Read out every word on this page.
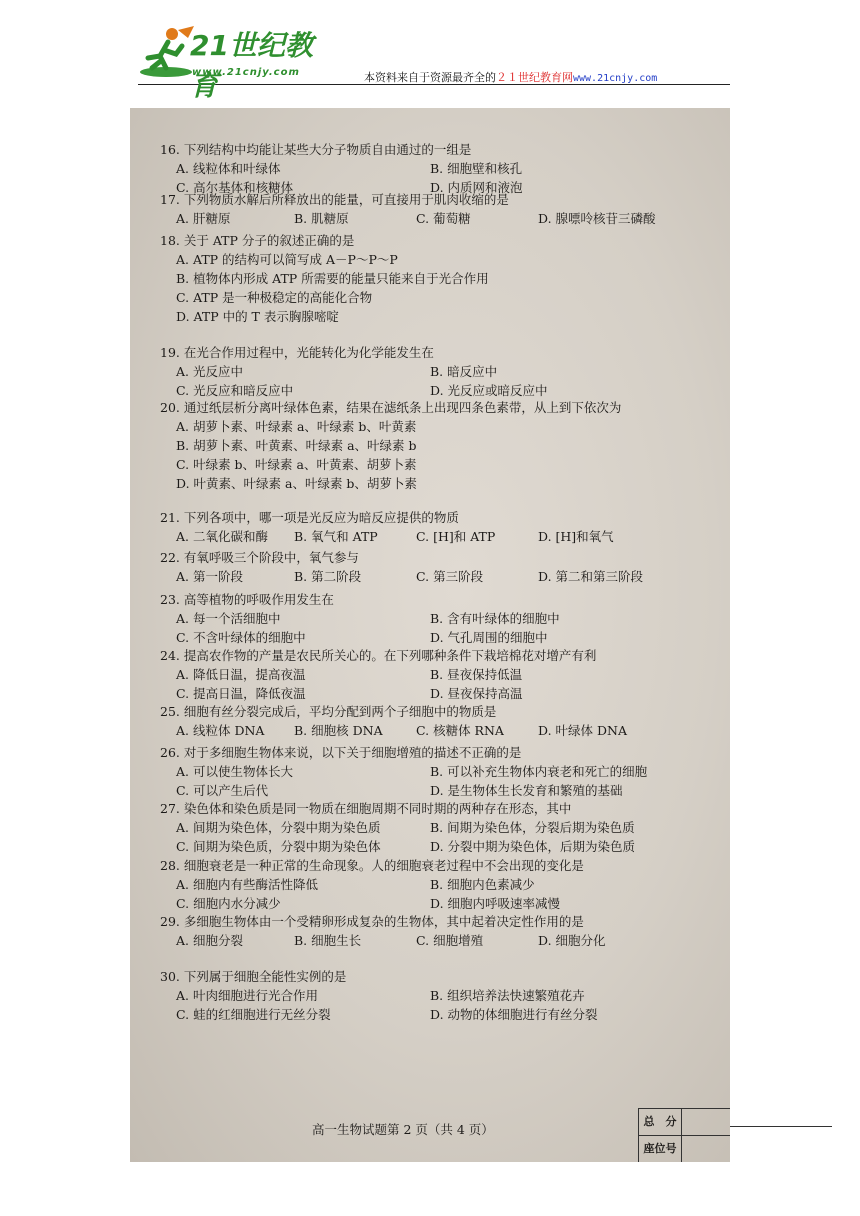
21世纪教育
www.21cnjy.com	本资料来自于资源最齐全的２１世纪教育网www.21cnjy.com
16. 下列结构中均能让某些大分子物质自由通过的一组是
A. 线粒体和叶绿体	B. 细胞壁和核孔
C. 高尔基体和核糖体	D. 内质网和液泡
17. 下列物质水解后所释放出的能量，可直接用于肌肉收缩的是
A. 肝糖原	B. 肌糖原	C. 葡萄糖	D. 腺嘌呤核苷三磷酸
18. 关于 ATP 分子的叙述正确的是
A. ATP 的结构可以简写成 A－P～P～P
B. 植物体内形成 ATP 所需要的能量只能来自于光合作用
C. ATP 是一种极稳定的高能化合物
D. ATP 中的 T 表示胸腺嘧啶
19. 在光合作用过程中，光能转化为化学能发生在
A. 光反应中	B. 暗反应中
C. 光反应和暗反应中	D. 光反应或暗反应中
20. 通过纸层析分离叶绿体色素，结果在滤纸条上出现四条色素带，从上到下依次为
A. 胡萝卜素、叶绿素 a、叶绿素 b、叶黄素
B. 胡萝卜素、叶黄素、叶绿素 a、叶绿素 b
C. 叶绿素 b、叶绿素 a、叶黄素、胡萝卜素
D. 叶黄素、叶绿素 a、叶绿素 b、胡萝卜素
21. 下列各项中，哪一项是光反应为暗反应提供的物质
A. 二氧化碳和酶 B. 氧气和 ATP	C. [H]和 ATP	D. [H]和氧气
22. 有氧呼吸三个阶段中，氧气参与
A. 第一阶段	B. 第二阶段	C. 第三阶段	D. 第二和第三阶段
23. 高等植物的呼吸作用发生在
A. 每一个活细胞中	B. 含有叶绿体的细胞中
C. 不含叶绿体的细胞中	D. 气孔周围的细胞中
24. 提高农作物的产量是农民所关心的。在下列哪种条件下栽培棉花对增产有利
A. 降低日温，提高夜温	B. 昼夜保持低温
C. 提高日温，降低夜温	D. 昼夜保持高温
25. 细胞有丝分裂完成后，平均分配到两个子细胞中的物质是
A. 线粒体 DNA B. 细胞核 DNA	C. 核糖体 RNA	D. 叶绿体 DNA
26. 对于多细胞生物体来说，以下关于细胞增殖的描述不正确的是
A. 可以使生物体长大	B. 可以补充生物体内衰老和死亡的细胞
C. 可以产生后代	D. 是生物体生长发育和繁殖的基础
27. 染色体和染色质是同一物质在细胞周期不同时期的两种存在形态，其中
A. 间期为染色体，分裂中期为染色质	B. 间期为染色体，分裂后期为染色质
C. 间期为染色质，分裂中期为染色体	D. 分裂中期为染色体，后期为染色质
28. 细胞衰老是一种正常的生命现象。人的细胞衰老过程中不会出现的变化是
A. 细胞内有些酶活性降低	B. 细胞内色素减少
C. 细胞内水分减少	D. 细胞内呼吸速率减慢
29. 多细胞生物体由一个受精卵形成复杂的生物体，其中起着决定性作用的是
A. 细胞分裂	B. 细胞生长	C. 细胞增殖	D. 细胞分化
30. 下列属于细胞全能性实例的是
A. 叶肉细胞进行光合作用	B. 组织培养法快速繁殖花卉
C. 蛙的红细胞进行无丝分裂	D. 动物的体细胞进行有丝分裂

高一生物试题第 2 页（共 4 页）
总　分
座位号
